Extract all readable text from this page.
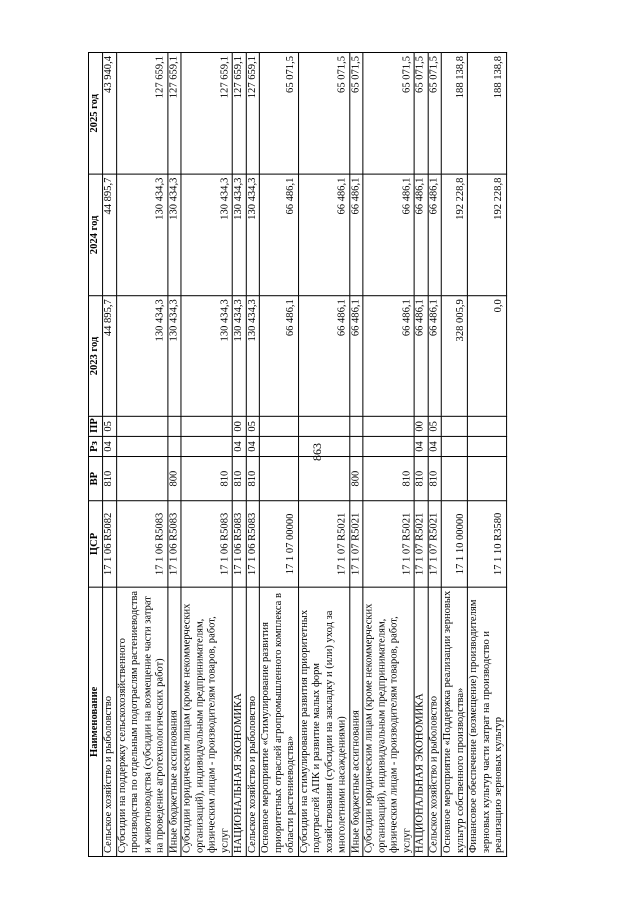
863
Наименование	ЦСР	ВР	Рз	ПР	2023 год	2024 год	2025 год
Сельское хозяйство и рыболовство	17 1 06 R5082	810	04	05	44 895,7	44 895,7	43 940,4
Субсидии на поддержку сельскохозяйственного производства по отдельным подотраслям растениеводства и животноводства (субсидии на возмещение части затрат на проведение агротехнологических работ)	17 1 06 R5083				130 434,3	130 434,3	127 659,1
Иные бюджетные ассигнования	17 1 06 R5083	800			130 434,3	130 434,3	127 659,1
Субсидии юридическим лицам (кроме некоммерческих организаций), индивидуальным предпринимателям, физическим лицам - производителям товаров, работ, услуг	17 1 06 R5083	810			130 434,3	130 434,3	127 659,1
НАЦИОНАЛЬНАЯ ЭКОНОМИКА	17 1 06 R5083	810	04	00	130 434,3	130 434,3	127 659,1
Сельское хозяйство и рыболовство	17 1 06 R5083	810	04	05	130 434,3	130 434,3	127 659,1
Основное мероприятие «Стимулирование развития приоритетных отраслей агропромышленного комплекса в области растениеводства»	17 1 07 00000				66 486,1	66 486,1	65 071,5
Субсидии на стимулирование развития приоритетных подотраслей АПК и развитие малых форм хозяйствования (субсидии на закладку и (или) уход за многолетними насаждениями)	17 1 07 R5021				66 486,1	66 486,1	65 071,5
Иные бюджетные ассигнования	17 1 07 R5021	800			66 486,1	66 486,1	65 071,5
Субсидии юридическим лицам (кроме некоммерческих организаций), индивидуальным предпринимателям, физическим лицам - производителям товаров, работ, услуг	17 1 07 R5021	810			66 486,1	66 486,1	65 071,5
НАЦИОНАЛЬНАЯ ЭКОНОМИКА	17 1 07 R5021	810	04	00	66 486,1	66 486,1	65 071,5
Сельское хозяйство и рыболовство	17 1 07 R5021	810	04	05	66 486,1	66 486,1	65 071,5
Основное мероприятие «Поддержка реализации зерновых культур собственного производства»	17 1 10 00000				328 005,9	192 228,8	188 138,8
Финансовое обеспечение (возмещение) производителям зерновых культур части затрат на производство и реализацию зерновых культур	17 1 10 R3580				0,0	192 228,8	188 138,8
